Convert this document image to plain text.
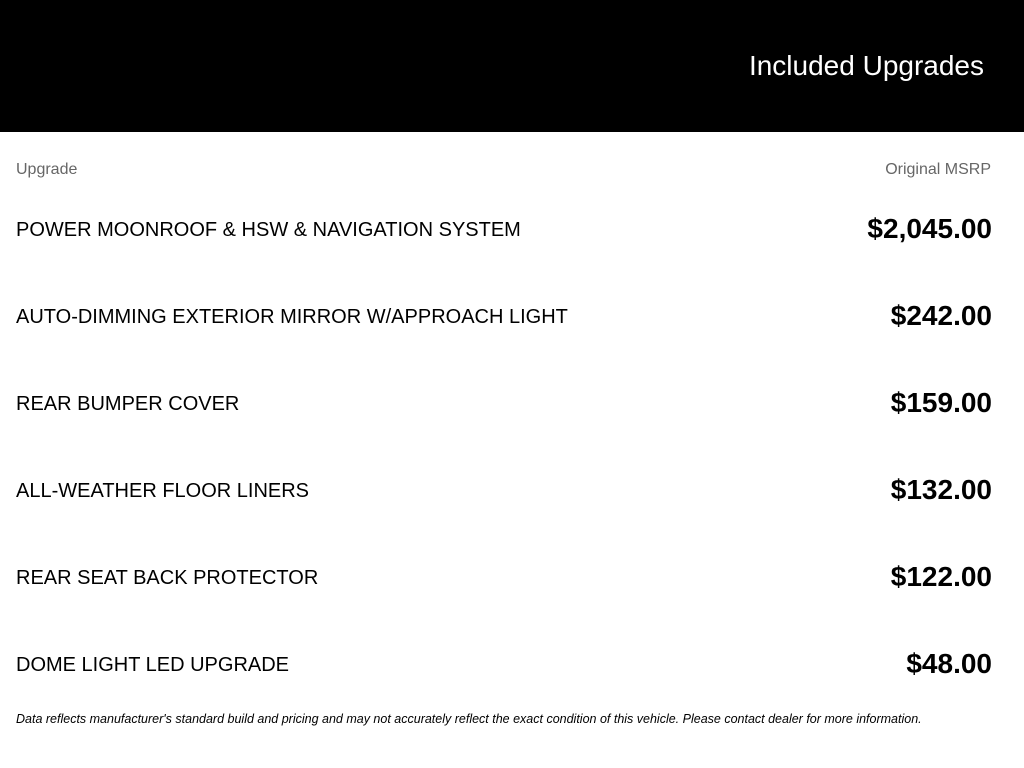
Included Upgrades
Upgrade	Original MSRP
POWER MOONROOF & HSW & NAVIGATION SYSTEM	$2,045.00
AUTO-DIMMING EXTERIOR MIRROR W/APPROACH LIGHT	$242.00
REAR BUMPER COVER	$159.00
ALL-WEATHER FLOOR LINERS	$132.00
REAR SEAT BACK PROTECTOR	$122.00
DOME LIGHT LED UPGRADE	$48.00
Data reflects manufacturer's standard build and pricing and may not accurately reflect the exact condition of this vehicle. Please contact dealer for more information.
